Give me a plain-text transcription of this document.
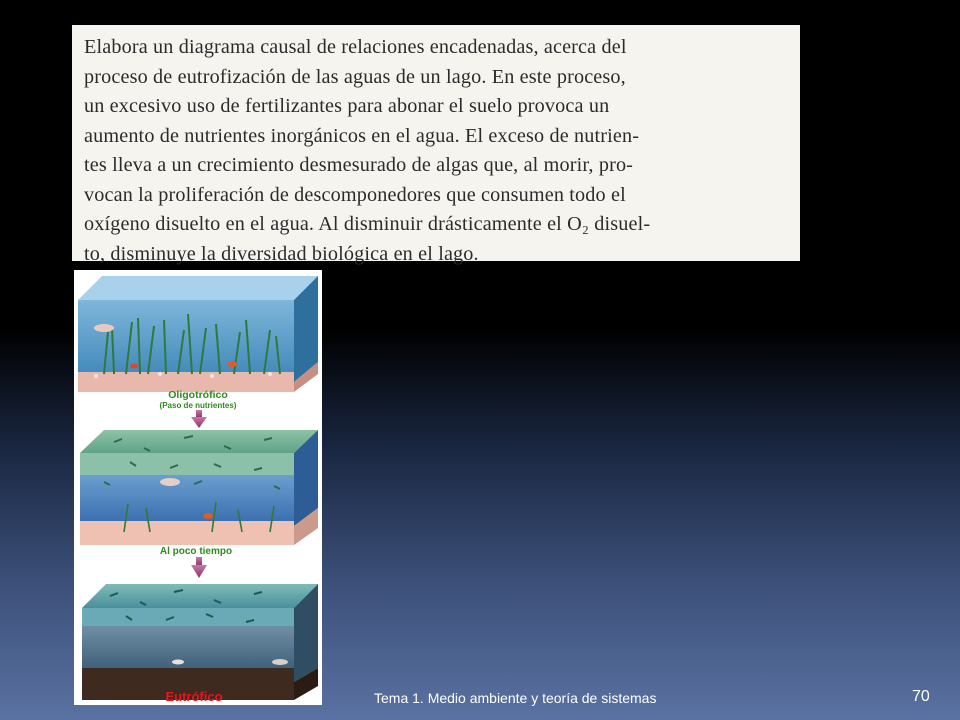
Elabora un diagrama causal de relaciones encadenadas, acerca del
proceso de eutrofización de las aguas de un lago. En este proceso,
un excesivo uso de fertilizantes para abonar el suelo provoca un
aumento de nutrientes inorgánicos en el agua. El exceso de nutrien-
tes lleva a un crecimiento desmesurado de algas que, al morir, pro-
vocan la proliferación de descomponedores que consumen todo el
oxígeno disuelto en el agua. Al disminuir drásticamente el O₂ disuel-
to, disminuye la diversidad biológica en el lago.
Oligotrófico
(Paso de nutrientes)
Al poco tiempo
Eutrófico	Tema 1. Medio ambiente y teoría de sistemas	70
